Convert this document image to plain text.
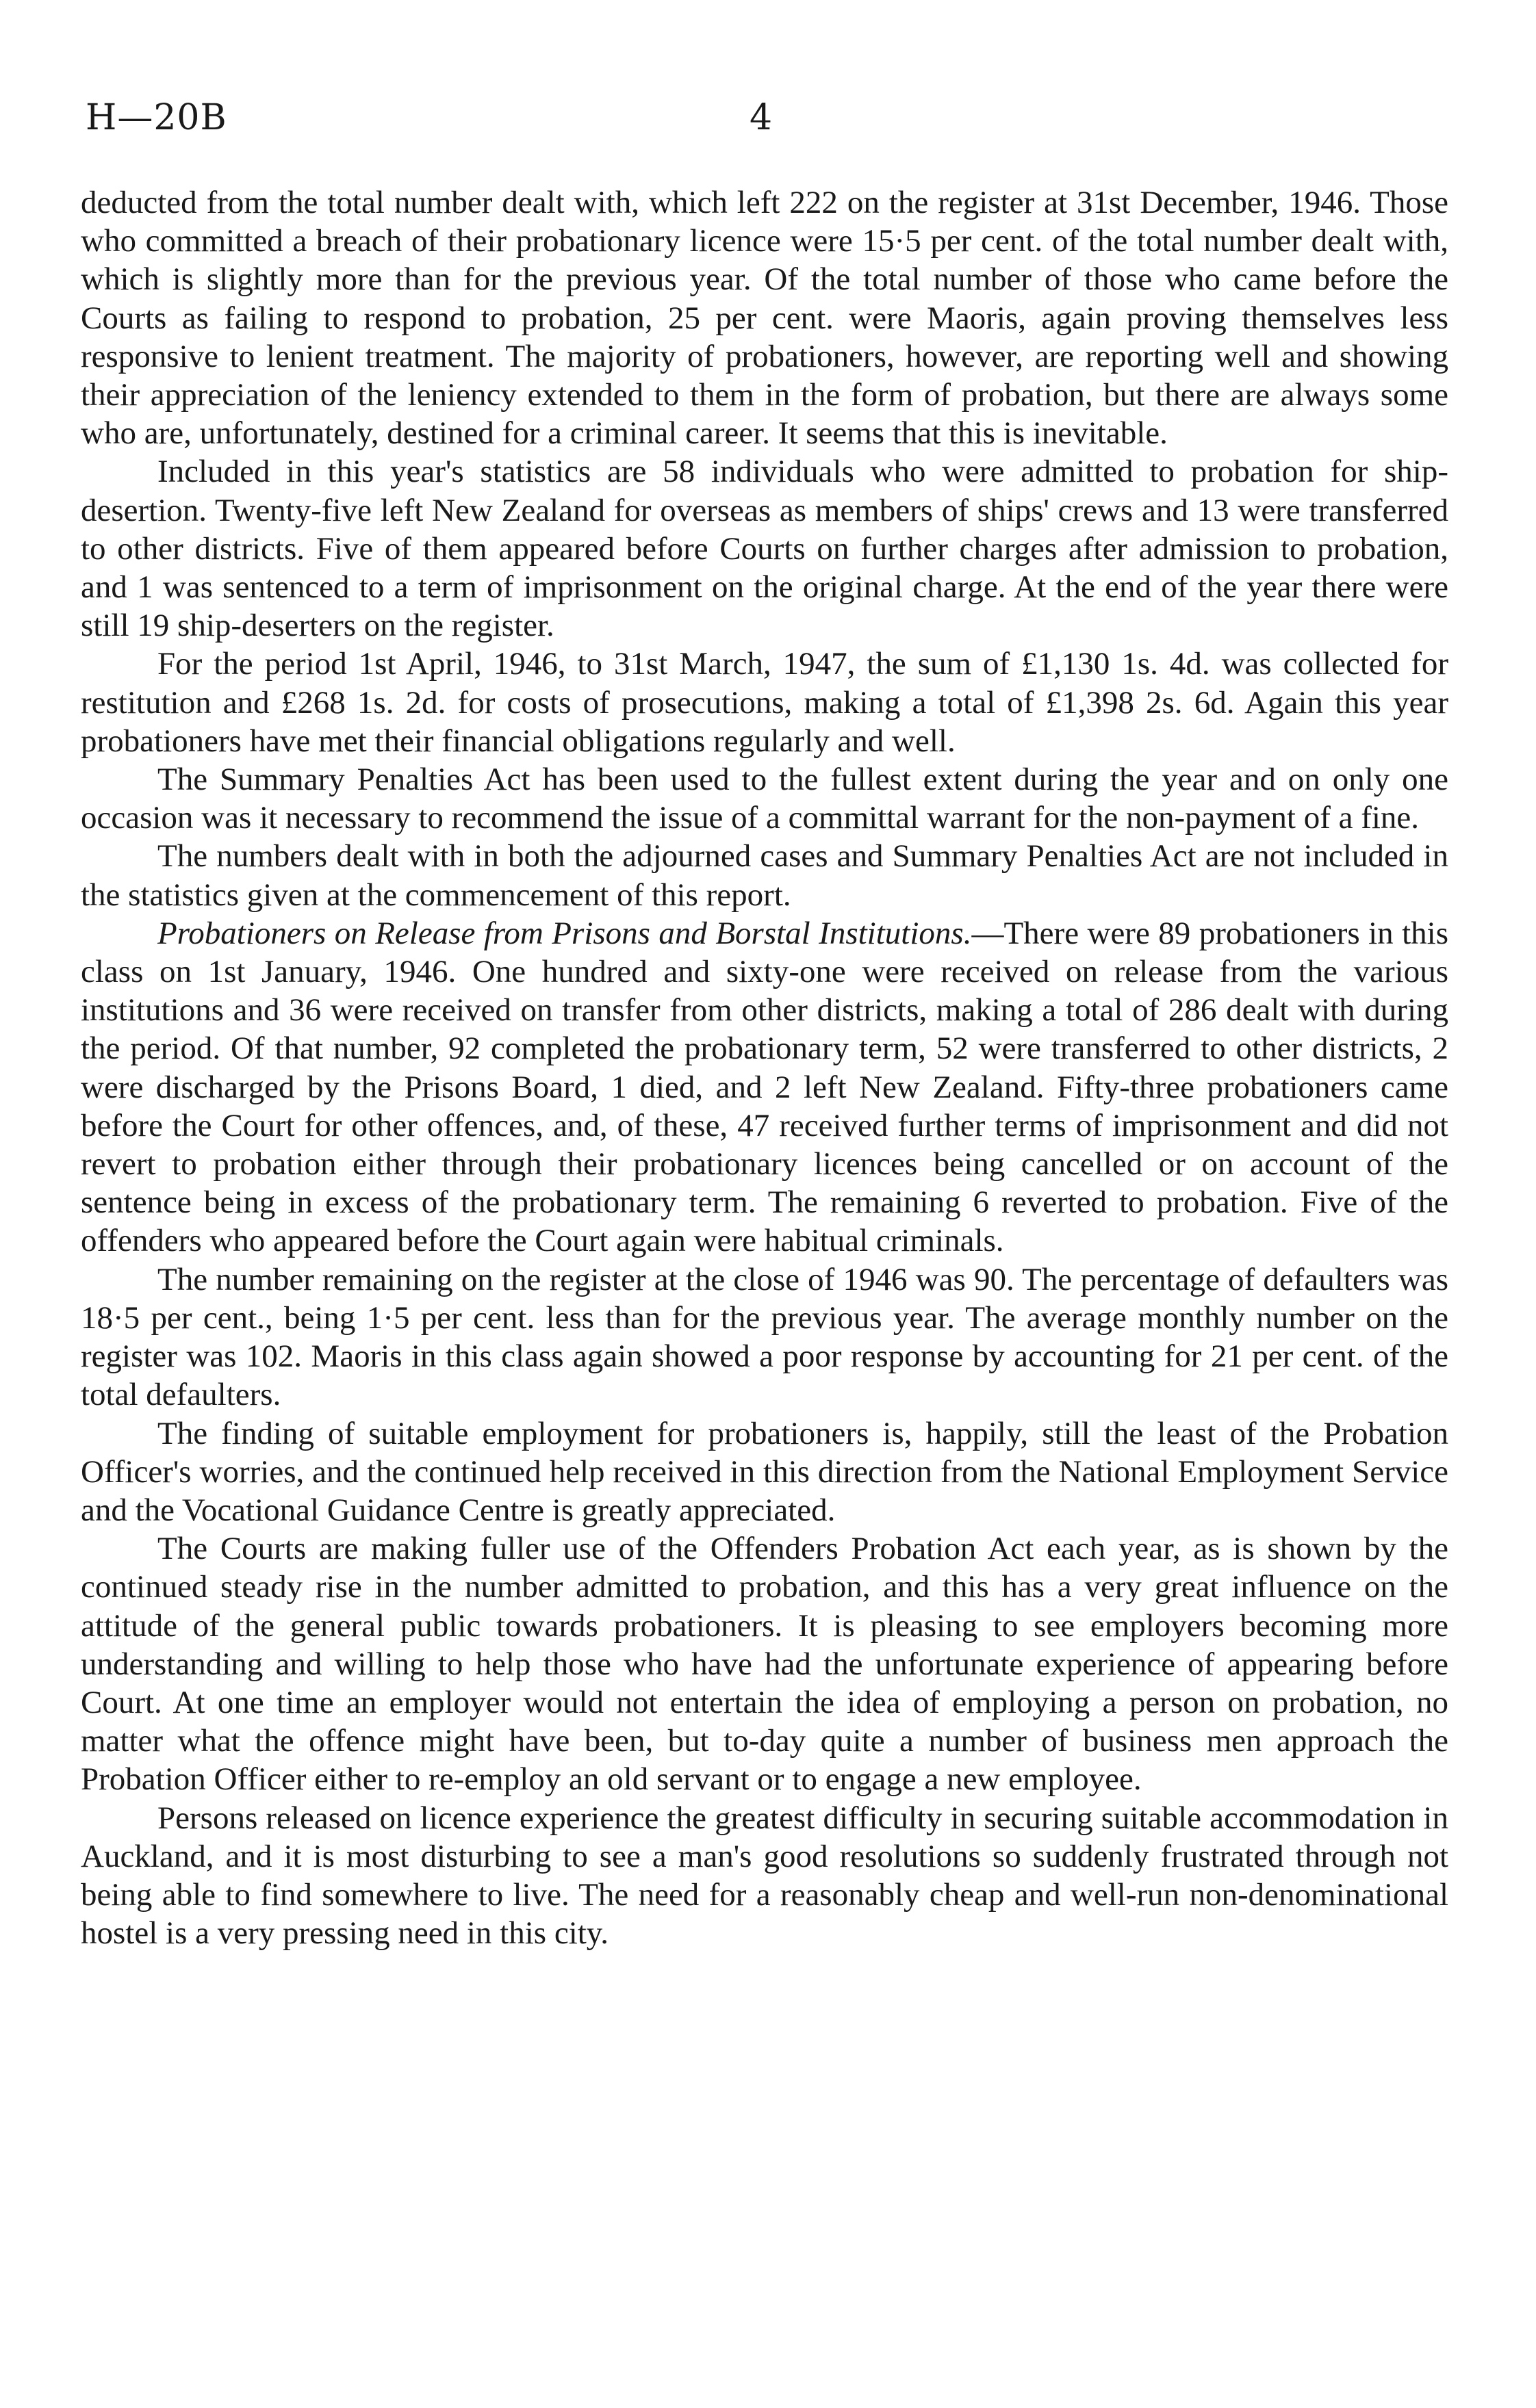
H—20B	4

deducted from the total number dealt with, which left 222 on the register at 31st December, 1946. Those who committed a breach of their probationary licence were 15·5 per cent. of the total number dealt with, which is slightly more than for the previous year. Of the total number of those who came before the Courts as failing to respond to probation, 25 per cent. were Maoris, again proving themselves less responsive to lenient treatment. The majority of probationers, however, are reporting well and showing their appreciation of the leniency extended to them in the form of probation, but there are always some who are, unfortunately, destined for a criminal career. It seems that this is inevitable.

Included in this year's statistics are 58 individuals who were admitted to probation for ship-desertion. Twenty-five left New Zealand for overseas as members of ships' crews and 13 were transferred to other districts. Five of them appeared before Courts on further charges after admission to probation, and 1 was sentenced to a term of imprisonment on the original charge. At the end of the year there were still 19 ship-deserters on the register.

For the period 1st April, 1946, to 31st March, 1947, the sum of £1,130 1s. 4d. was collected for restitution and £268 1s. 2d. for costs of prosecutions, making a total of £1,398 2s. 6d. Again this year probationers have met their financial obligations regularly and well.

The Summary Penalties Act has been used to the fullest extent during the year and on only one occasion was it necessary to recommend the issue of a committal warrant for the non-payment of a fine.

The numbers dealt with in both the adjourned cases and Summary Penalties Act are not included in the statistics given at the commencement of this report.

Probationers on Release from Prisons and Borstal Institutions.—There were 89 probationers in this class on 1st January, 1946. One hundred and sixty-one were received on release from the various institutions and 36 were received on transfer from other districts, making a total of 286 dealt with during the period. Of that number, 92 completed the probationary term, 52 were transferred to other districts, 2 were discharged by the Prisons Board, 1 died, and 2 left New Zealand. Fifty-three probationers came before the Court for other offences, and, of these, 47 received further terms of imprisonment and did not revert to probation either through their probationary licences being cancelled or on account of the sentence being in excess of the probationary term. The remaining 6 reverted to probation. Five of the offenders who appeared before the Court again were habitual criminals.

The number remaining on the register at the close of 1946 was 90. The percentage of defaulters was 18·5 per cent., being 1·5 per cent. less than for the previous year. The average monthly number on the register was 102. Maoris in this class again showed a poor response by accounting for 21 per cent. of the total defaulters.

The finding of suitable employment for probationers is, happily, still the least of the Probation Officer's worries, and the continued help received in this direction from the National Employment Service and the Vocational Guidance Centre is greatly appreciated.

The Courts are making fuller use of the Offenders Probation Act each year, as is shown by the continued steady rise in the number admitted to probation, and this has a very great influence on the attitude of the general public towards probationers. It is pleasing to see employers becoming more understanding and willing to help those who have had the unfortunate experience of appearing before Court. At one time an employer would not entertain the idea of employing a person on probation, no matter what the offence might have been, but to-day quite a number of business men approach the Probation Officer either to re-employ an old servant or to engage a new employee.

Persons released on licence experience the greatest difficulty in securing suitable accommodation in Auckland, and it is most disturbing to see a man's good resolutions so suddenly frustrated through not being able to find somewhere to live. The need for a reasonably cheap and well-run non-denominational hostel is a very pressing need in this city.
